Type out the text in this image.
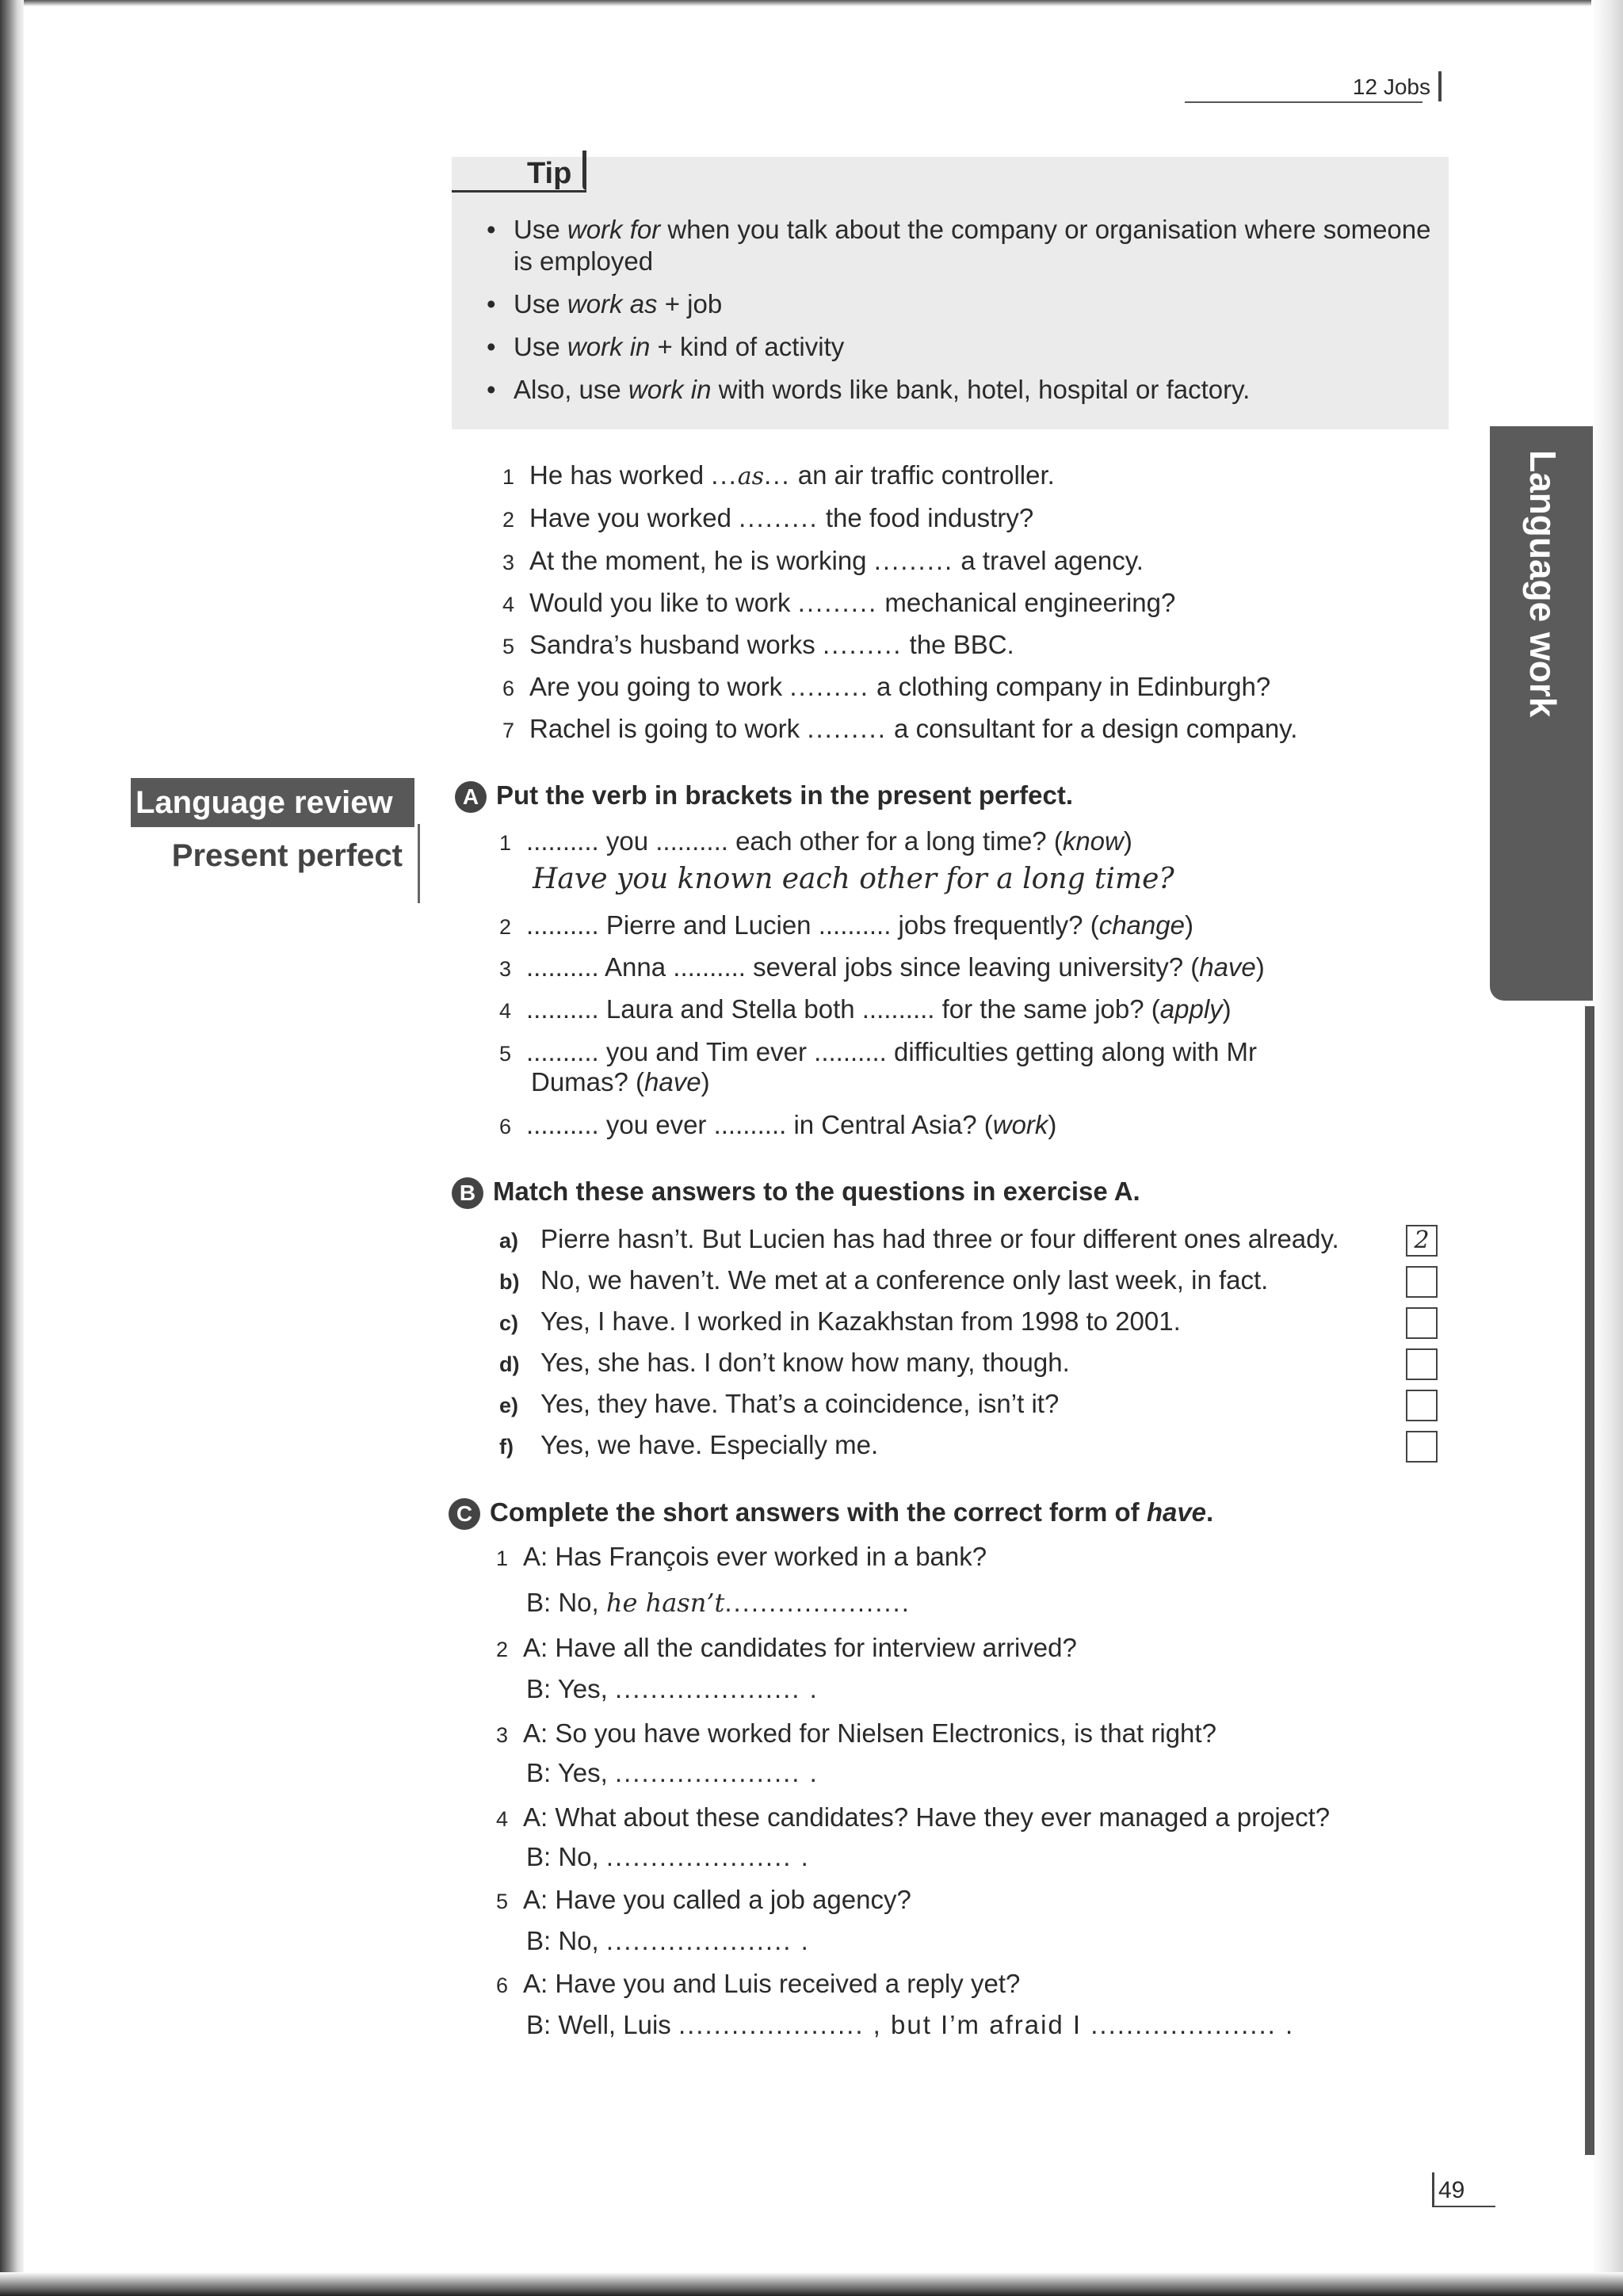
12 Jobs
Tip
• Use work for when you talk about the company or organisation where someone is employed
• Use work as + job
• Use work in + kind of activity
• Also, use work in with words like bank, hotel, hospital or factory.
1 He has worked ...as... an air traffic controller.
2 Have you worked ......... the food industry?
3 At the moment, he is working ......... a travel agency.
4 Would you like to work ......... mechanical engineering?
5 Sandra’s husband works ......... the BBC.
6 Are you going to work ......... a clothing company in Edinburgh?
7 Rachel is going to work ......... a consultant for a design company.
Language work
Language review
Present perfect
A Put the verb in brackets in the present perfect.
1 .......... you .......... each other for a long time? (know)
Have you known each other for a long time?
2 .......... Pierre and Lucien .......... jobs frequently? (change)
3 .......... Anna .......... several jobs since leaving university? (have)
4 .......... Laura and Stella both .......... for the same job? (apply)
5 .......... you and Tim ever .......... difficulties getting along with Mr
Dumas? (have)
6 .......... you ever .......... in Central Asia? (work)
B Match these answers to the questions in exercise A.
a) Pierre hasn’t. But Lucien has had three or four different ones already.
b) No, we haven’t. We met at a conference only last week, in fact.
c) Yes, I have. I worked in Kazakhstan from 1998 to 2001.
d) Yes, she has. I don’t know how many, though.
e) Yes, they have. That’s a coincidence, isn’t it?
f) Yes, we have. Especially me.
2
C Complete the short answers with the correct form of have.
1 A: Has François ever worked in a bank?
B: No, he hasn’t.....................
2 A: Have all the candidates for interview arrived?
B: Yes, ..................... .
3 A: So you have worked for Nielsen Electronics, is that right?
B: Yes, ..................... .
4 A: What about these candidates? Have they ever managed a project?
B: No, ..................... .
5 A: Have you called a job agency?
B: No, ..................... .
6 A: Have you and Luis received a reply yet?
B: Well, Luis ..................... , but I’m afraid I ..................... .
49
